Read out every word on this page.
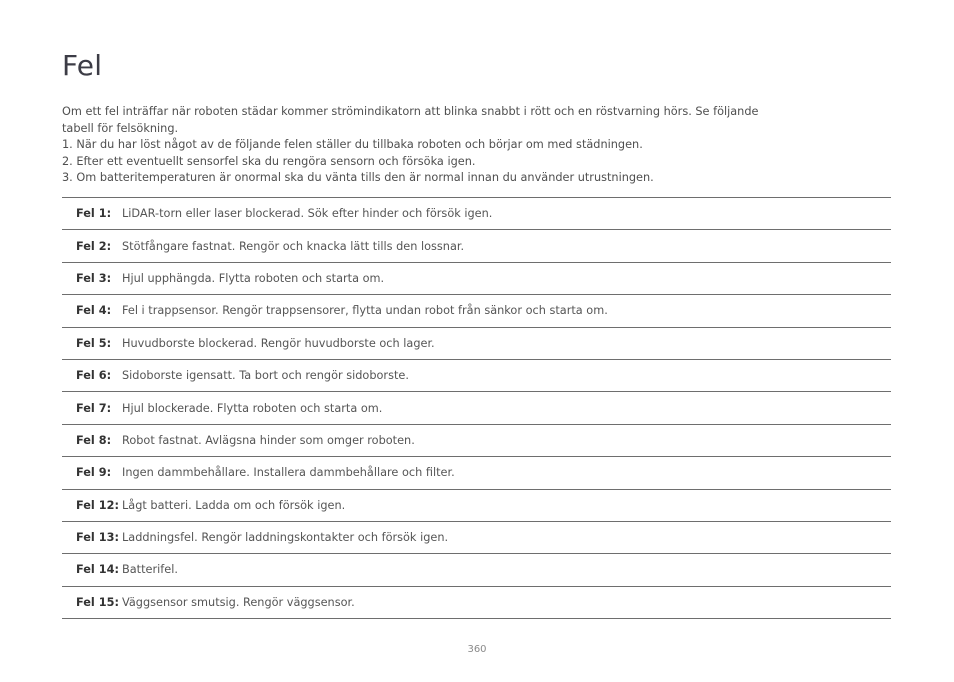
Fel

Om ett fel inträffar när roboten städar kommer strömindikatorn att blinka snabbt i rött och en röstvarning hörs. Se följande tabell för felsökning.

1. När du har löst något av de följande felen ställer du tillbaka roboten och börjar om med städningen.

2. Efter ett eventuellt sensorfel ska du rengöra sensorn och försöka igen.

3. Om batteritemperaturen är onormal ska du vänta tills den är normal innan du använder utrustningen.

Fel 1: LiDAR-torn eller laser blockerad. Sök efter hinder och försök igen.
Fel 2: Stötfångare fastnat. Rengör och knacka lätt tills den lossnar.
Fel 3: Hjul upphängda. Flytta roboten och starta om.
Fel 4: Fel i trappsensor. Rengör trappsensorer, flytta undan robot från sänkor och starta om.
Fel 5: Huvudborste blockerad. Rengör huvudborste och lager.
Fel 6: Sidoborste igensatt. Ta bort och rengör sidoborste.
Fel 7: Hjul blockerade. Flytta roboten och starta om.
Fel 8: Robot fastnat. Avlägsna hinder som omger roboten.
Fel 9: Ingen dammbehållare. Installera dammbehållare och filter.
Fel 12: Lågt batteri. Ladda om och försök igen.
Fel 13: Laddningsfel. Rengör laddningskontakter och försök igen.
Fel 14: Batterifel.
Fel 15: Väggsensor smutsig. Rengör väggsensor.
360
